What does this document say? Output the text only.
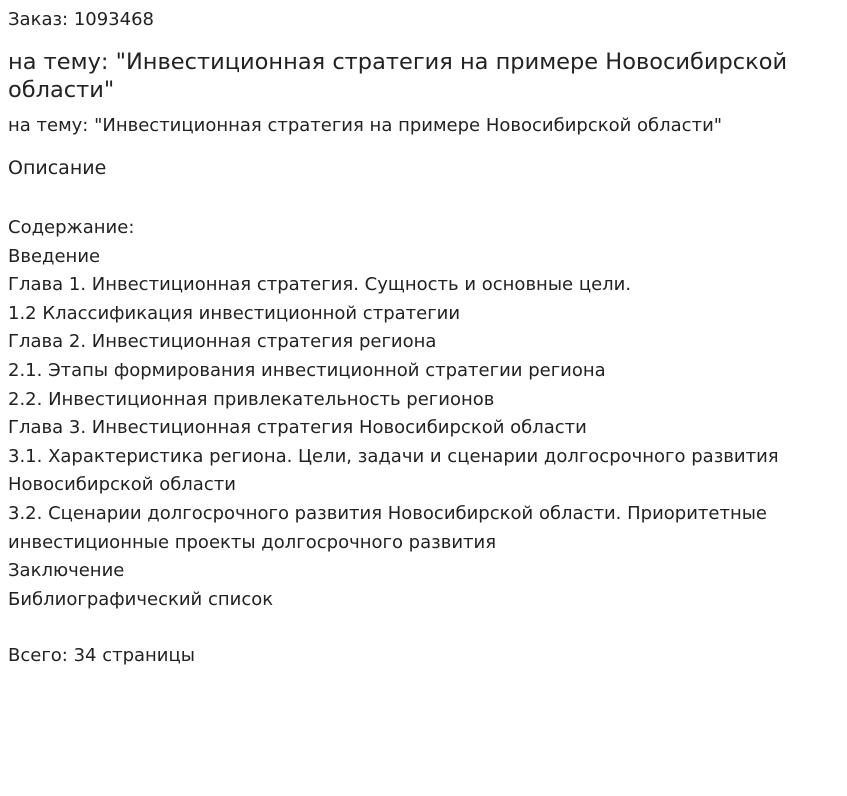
Заказ: 1093468
на тему: "Инвестиционная стратегия на примере Новосибирской области"
на тему: "Инвестиционная стратегия на примере Новосибирской области"
Описание
Содержание:
Введение
Глава 1. Инвестиционная стратегия. Сущность и основные цели.
1.2 Классификация инвестиционной стратегии
Глава 2. Инвестиционная стратегия региона
2.1. Этапы формирования инвестиционной стратегии региона
2.2. Инвестиционная привлекательность регионов
Глава 3. Инвестиционная стратегия Новосибирской области
3.1. Характеристика региона. Цели, задачи и сценарии долгосрочного развития Новосибирской области
3.2. Сценарии долгосрочного развития Новосибирской области. Приоритетные инвестиционные проекты долгосрочного развития
Заключение
Библиографический список
Всего: 34 страницы
